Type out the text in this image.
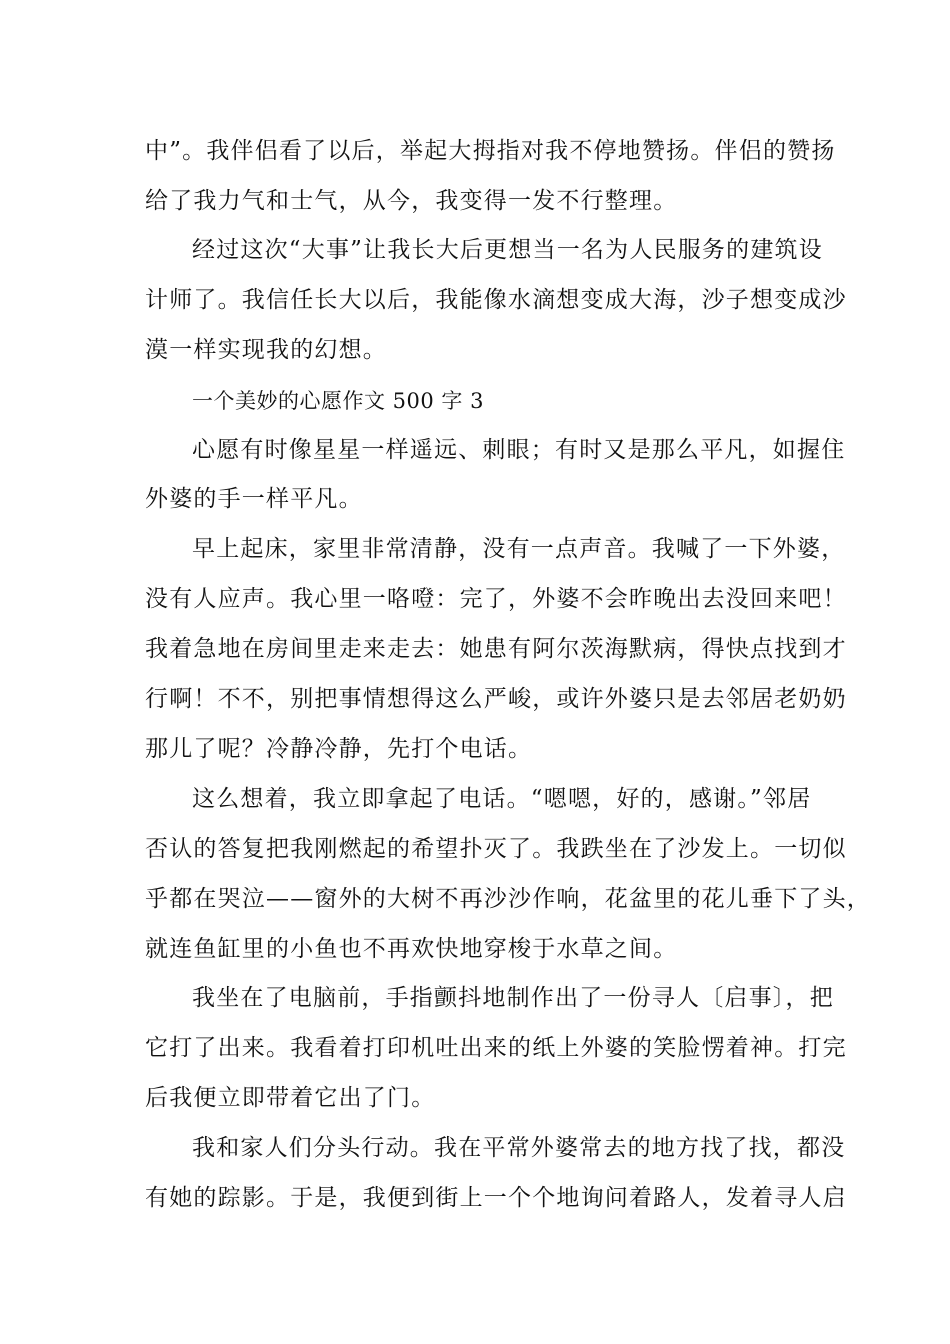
中”。我伴侣看了以后，举起大拇指对我不停地赞扬。伴侣的赞扬
给了我力气和士气，从今，我变得一发不行整理。
经过这次“大事”让我长大后更想当一名为人民服务的建筑设
计师了。我信任长大以后，我能像水滴想变成大海，沙子想变成沙
漠一样实现我的幻想。
一个美妙的心愿作文 500 字 3
心愿有时像星星一样遥远、刺眼；有时又是那么平凡，如握住
外婆的手一样平凡。
早上起床，家里非常清静，没有一点声音。我喊了一下外婆，
没有人应声。我心里一咯噔：完了，外婆不会昨晚出去没回来吧！
我着急地在房间里走来走去：她患有阿尔茨海默病，得快点找到才
行啊！不不，别把事情想得这么严峻，或许外婆只是去邻居老奶奶
那儿了呢？冷静冷静，先打个电话。
这么想着，我立即拿起了电话。“嗯嗯，好的，感谢。”邻居
否认的答复把我刚燃起的希望扑灭了。我跌坐在了沙发上。一切似
乎都在哭泣——窗外的大树不再沙沙作响，花盆里的花儿垂下了头，
就连鱼缸里的小鱼也不再欢快地穿梭于水草之间。
我坐在了电脑前，手指颤抖地制作出了一份寻人〔启事〕，把
它打了出来。我看着打印机吐出来的纸上外婆的笑脸愣着神。打完
后我便立即带着它出了门。
我和家人们分头行动。我在平常外婆常去的地方找了找，都没
有她的踪影。于是，我便到街上一个个地询问着路人，发着寻人启
